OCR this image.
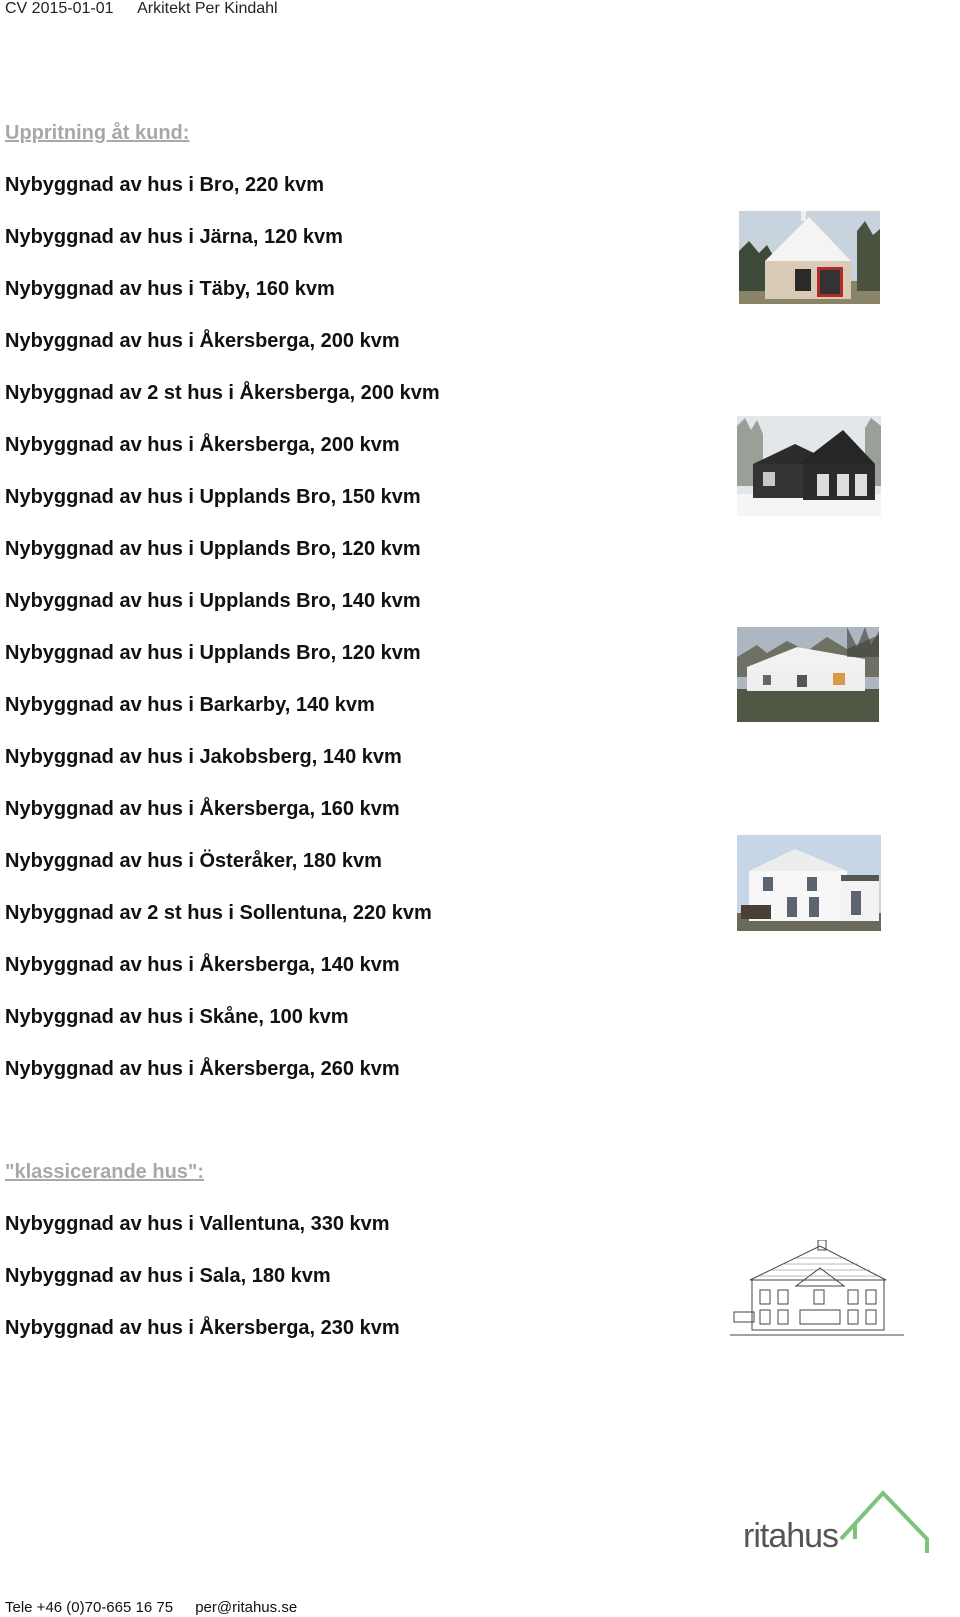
CV 2015-01-01 Arkitekt Per Kindahl
Uppritning åt kund:
Nybyggnad av hus i Bro, 220 kvm
Nybyggnad av hus i Järna, 120 kvm
Nybyggnad av hus i Täby, 160 kvm
Nybyggnad av hus i Åkersberga, 200 kvm
Nybyggnad av 2 st hus i Åkersberga, 200 kvm
Nybyggnad av hus i Åkersberga, 200 kvm
Nybyggnad av hus i Upplands Bro, 150 kvm
Nybyggnad av hus i Upplands Bro, 120 kvm
Nybyggnad av hus i Upplands Bro, 140 kvm
Nybyggnad av hus i Upplands Bro, 120 kvm
Nybyggnad av hus i Barkarby, 140 kvm
Nybyggnad av hus i Jakobsberg, 140 kvm
Nybyggnad av hus i Åkersberga, 160 kvm
Nybyggnad av hus i Österåker, 180 kvm
Nybyggnad av 2 st hus i Sollentuna, 220 kvm
Nybyggnad av hus i Åkersberga, 140 kvm
Nybyggnad av hus i Skåne, 100 kvm
Nybyggnad av hus i Åkersberga, 260 kvm
"klassicerande hus":
Nybyggnad av hus i Vallentuna, 330 kvm
Nybyggnad av hus i Sala, 180 kvm
Nybyggnad av hus i Åkersberga, 230 kvm
Tele +46 (0)70-665 16 75 per@ritahus.se
ritahus
